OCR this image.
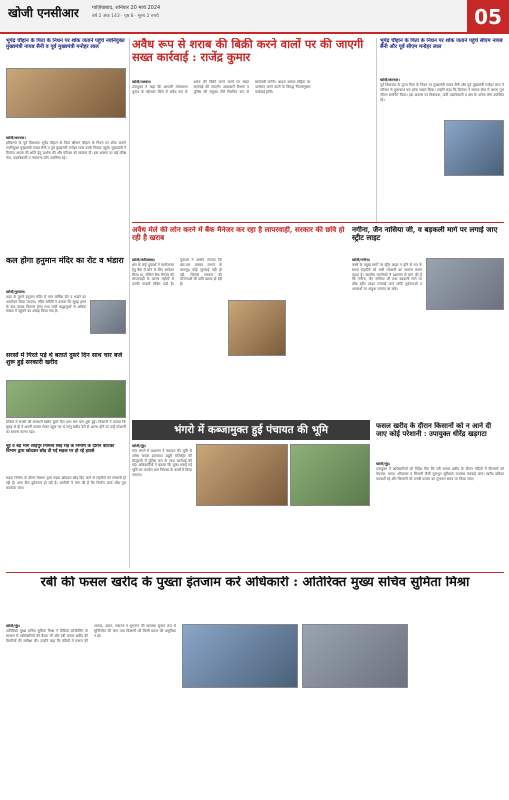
खोजी एनसीआर	गाज़ियाबाद, शनिवार 20 मार्च 2024
वर्ष 2 अंक 143 · पृष्ठ 8 · मूल्य 2 रुपये	05
भूपेंद्र चौहान के पिता के निधन पर शोक जताने पहुंचे नवनियुक्त मुख्यमंत्री नायब सैनी व पूर्व मुख्यमंत्री मनोहर लाल
खोजी/करनाल।
हरियाणा के पूर्व विधायक भूपेंद्र चौहान के पिता श्रीमान चौहान के निधन पर शोक जताने नवनियुक्त मुख्यमंत्री नायब सैनी व पूर्व मुख्यमंत्री मनोहर लाल उनके निवास पहुंचे। मुख्यमंत्री ने दिवंगत आत्मा की शांति हेतु प्रार्थना की और परिवार को सांत्वना दी। इस अवसर पर कई वरिष्ठ नेता, पदाधिकारी व गणमान्य लोग उपस्थित रहे।
अवैध रूप से शराब की बिक्री करने वालों पर की जाएगी सख्त कार्रवाई : राजेंद्र कुमार
खोजी/पलवल।

उपायुक्त ने कहा कि आगामी लोकसभा चुनाव के मद्देनजर जिले में अवैध रूप से शराब की बिक्री करने वालों पर सख्त कार्रवाई की जाएगी। आबकारी विभाग व पुलिस की संयुक्त टीमें नियमित रूप से छापेमारी करेंगी। आदर्श आचार संहिता का उल्लंघन करने वालों के विरुद्ध नियमानुसार कार्रवाई होगी।

भूपेंद्र चौहान के पिता के निधन पर शोक जताने पहुंचे सीएम नायब सैनी और पूर्व सीएम मनोहर लाल
खोजी/करनाल।
पूर्व विधायक के पूज्य पिता के निधन पर मुख्यमंत्री नायब सैनी और पूर्व मुख्यमंत्री मनोहर लाल ने परिवार से मुलाकात कर शोक व्यक्त किया। उन्होंने कहा कि दिवंगत ने समाज सेवा में अपना पूरा जीवन समर्पित किया। इस अवसर पर विधायक, पार्टी पदाधिकारी व क्षेत्र के अनेक लोग उपस्थित रहे।
अवैध मेले की लोन करने में बैंक मैनेजर कर रहा है लापरवाही, सरकार की छवि हो रही है खराब
खोजी/फरीदाबाद।

क्षेत्र के कई युवाओं ने स्वरोजगार हेतु बैंक में लोन के लिए आवेदन किया था, लेकिन बैंक मैनेजर की लापरवाही के कारण महीनों से उनकी फाइलें लंबित पड़ी हैं। युवाओं ने आरोप लगाया कि बार-बार चक्कर लगाने के बावजूद कोई सुनवाई नहीं हो रही, जिससे सरकार की योजनाओं की छवि खराब हो रही है।

नगीना, जैन नासिया जी, व बड़कली मार्ग पर लगाई जाए स्ट्रीट लाइट
खोजी/नगीना।

कस्बे के प्रमुख मार्गों पर स्ट्रीट लाइट न होने से रात के समय राहगीरों को भारी परेशानी का सामना करना पड़ता है। स्थानीय नागरिकों ने प्रशासन से मांग की है कि नगीना, जैन नासिया जी तथा बड़कली मार्ग पर शीघ्र स्ट्रीट लाइट लगवाई जाएं ताकि दुर्घटनाओं व अपराधों पर अंकुश लगाया जा सके।

कल होगा हनुमान मंदिर का रोट व भंडारा
खोजी/गुरुग्राम।

शहर के पुराने हनुमान मंदिर में कल वार्षिक रोट व भंडारे का आयोजन किया जाएगा। मंदिर समिति ने बताया कि सुबह हवन के बाद प्रसाद वितरण होगा तथा सभी श्रद्धालुओं से अधिक संख्या में पहुंचने का आग्रह किया गया है।

सरसों में गिरते पड़े थे बताते दुसरे दिन साथ चार बजे शुरू हुई सरकारी खरीद
मंडियों में सरसों की सरकारी खरीद दूसरे दिन शाम चार बजे शुरू हुई। किसानों ने बताया कि सुबह से ही वे अपनी फसल लेकर पहुंच गए थे परंतु खरीद देरी से आरंभ होने पर उन्हें परेशानी का सामना करना पड़ा।	भंगरो में कब्जामुक्त हुई पंचायत की भूमि
खोजी/नूंह।

गांव भंगरो में प्रशासन ने पंचायत की भूमि से अवैध कब्जा हटवाया। ड्यूटी मजिस्ट्रेट की मौजूदगी में पुलिस बल के साथ कार्रवाई की गई। अधिकारियों ने बताया कि मुक्त कराई गई भूमि का उपयोग ग्राम विकास के कार्यों में किया जाएगा।

फसल खरीद के दौरान किसानों को न आने दी जाए कोई परेशानी : उपायुक्त धीरेंद्र खड़गटा
खोजी/नूंह।

उपायुक्त ने अधिकारियों को निर्देश दिए कि रबी फसल खरीद के दौरान मंडियों में किसानों को पेयजल, छाया, शौचालय व बिजली जैसी मूलभूत सुविधाएं उपलब्ध करवाई जाएं। खरीद प्रक्रिया पारदर्शी रहे और किसानों को उनकी फसल का भुगतान समय पर किया जाए।

नूह व बड़े भाग शाहपुर निमित्य सिंह रोड़ के निर्माण के दौरान वाटिका विभाग द्वारा खोदकर छोड़ दी गई सड़क पर हो रहे हादसे
सड़क निर्माण के दौरान विभाग द्वारा सड़क खोदकर छोड़ दिए जाने से राहगीरों को परेशानी हो रही है। आए दिन दुर्घटनाएं हो रही हैं। ग्रामीणों ने मांग की है कि निर्माण कार्य शीघ्र पूरा करवाया जाए।
रबी की फसल खरीद के पुख्ता इंतजाम करें अधिकारी : अतिरिक्त मुख्य सचिव सुमिता मिश्रा
खोजी/नूंह।

अतिरिक्त मुख्य सचिव सुमिता मिश्रा ने वीडियो कॉन्फ्रेंसिंग के माध्यम से अधिकारियों की बैठक ली और रबी फसल खरीद की तैयारियों की समीक्षा की। उन्होंने कहा कि मंडियों में फसल की आवक, उठान, भंडारण व भुगतान की व्यवस्था सुचारु रूप से सुनिश्चित की जाए तथा किसानों को किसी प्रकार की असुविधा न हो।
